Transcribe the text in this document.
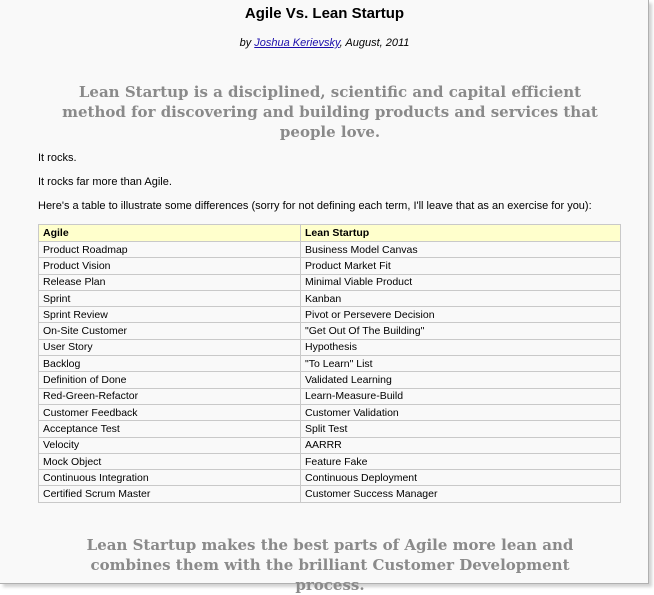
Agile Vs. Lean Startup
by Joshua Kerievsky, August, 2011
Lean Startup is a disciplined, scientific and capital efficient method for discovering and building products and services that people love.
It rocks.
It rocks far more than Agile.
Here's a table to illustrate some differences (sorry for not defining each term, I'll leave that as an exercise for you):
Agile	Lean Startup
Product Roadmap	Business Model Canvas
Product Vision	Product Market Fit
Release Plan	Minimal Viable Product
Sprint	Kanban
Sprint Review	Pivot or Persevere Decision
On-Site Customer	"Get Out Of The Building"
User Story	Hypothesis
Backlog	"To Learn" List
Definition of Done	Validated Learning
Red-Green-Refactor	Learn-Measure-Build
Customer Feedback	Customer Validation
Acceptance Test	Split Test
Velocity	AARRR
Mock Object	Feature Fake
Continuous Integration	Continuous Deployment
Certified Scrum Master	Customer Success Manager
Lean Startup makes the best parts of Agile more lean and combines them with the brilliant Customer Development process.
